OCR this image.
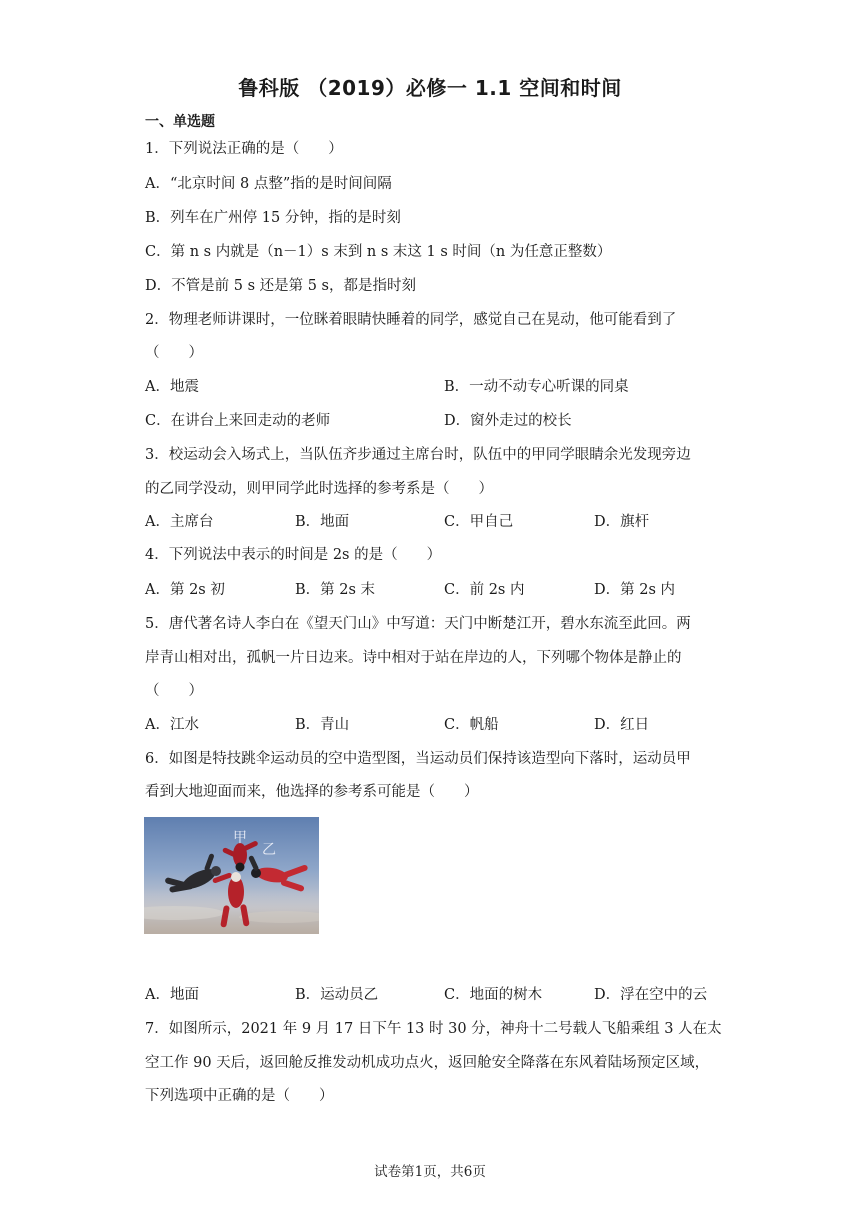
鲁科版 （2019）必修一 1.1 空间和时间
一、单选题
1．下列说法正确的是（　　）
A．“北京时间 8 点整”指的是时间间隔
B．列车在广州停 15 分钟，指的是时刻
C．第 n s 内就是（n－1）s 末到 n s 末这 1 s 时间（n 为任意正整数）
D．不管是前 5 s 还是第 5 s，都是指时刻
2．物理老师讲课时，一位眯着眼睛快睡着的同学，感觉自己在晃动，他可能看到了
（　　）
A．地震	B．一动不动专心听课的同桌
C．在讲台上来回走动的老师	D．窗外走过的校长
3．校运动会入场式上，当队伍齐步通过主席台时，队伍中的甲同学眼睛余光发现旁边
的乙同学没动，则甲同学此时选择的参考系是（　　）
A．主席台	B．地面	C．甲自己	D．旗杆
4．下列说法中表示的时间是 2s 的是（　　）
A．第 2s 初	B．第 2s 末	C．前 2s 内	D．第 2s 内
5．唐代著名诗人李白在《望天门山》中写道：天门中断楚江开，碧水东流至此回。两
岸青山相对出，孤帆一片日边来。诗中相对于站在岸边的人，下列哪个物体是静止的
（　　）
A．江水	B．青山	C．帆船	D．红日
6．如图是特技跳伞运动员的空中造型图，当运动员们保持该造型向下落时，运动员甲
看到大地迎面而来，他选择的参考系可能是（　　）
甲
乙
A．地面	B．运动员乙	C．地面的树木	D．浮在空中的云
7．如图所示，2021 年 9 月 17 日下午 13 时 30 分，神舟十二号载人飞船乘组 3 人在太
空工作 90 天后，返回舱反推发动机成功点火，返回舱安全降落在东风着陆场预定区域，
下列选项中正确的是（　　）
试卷第1页，共6页
